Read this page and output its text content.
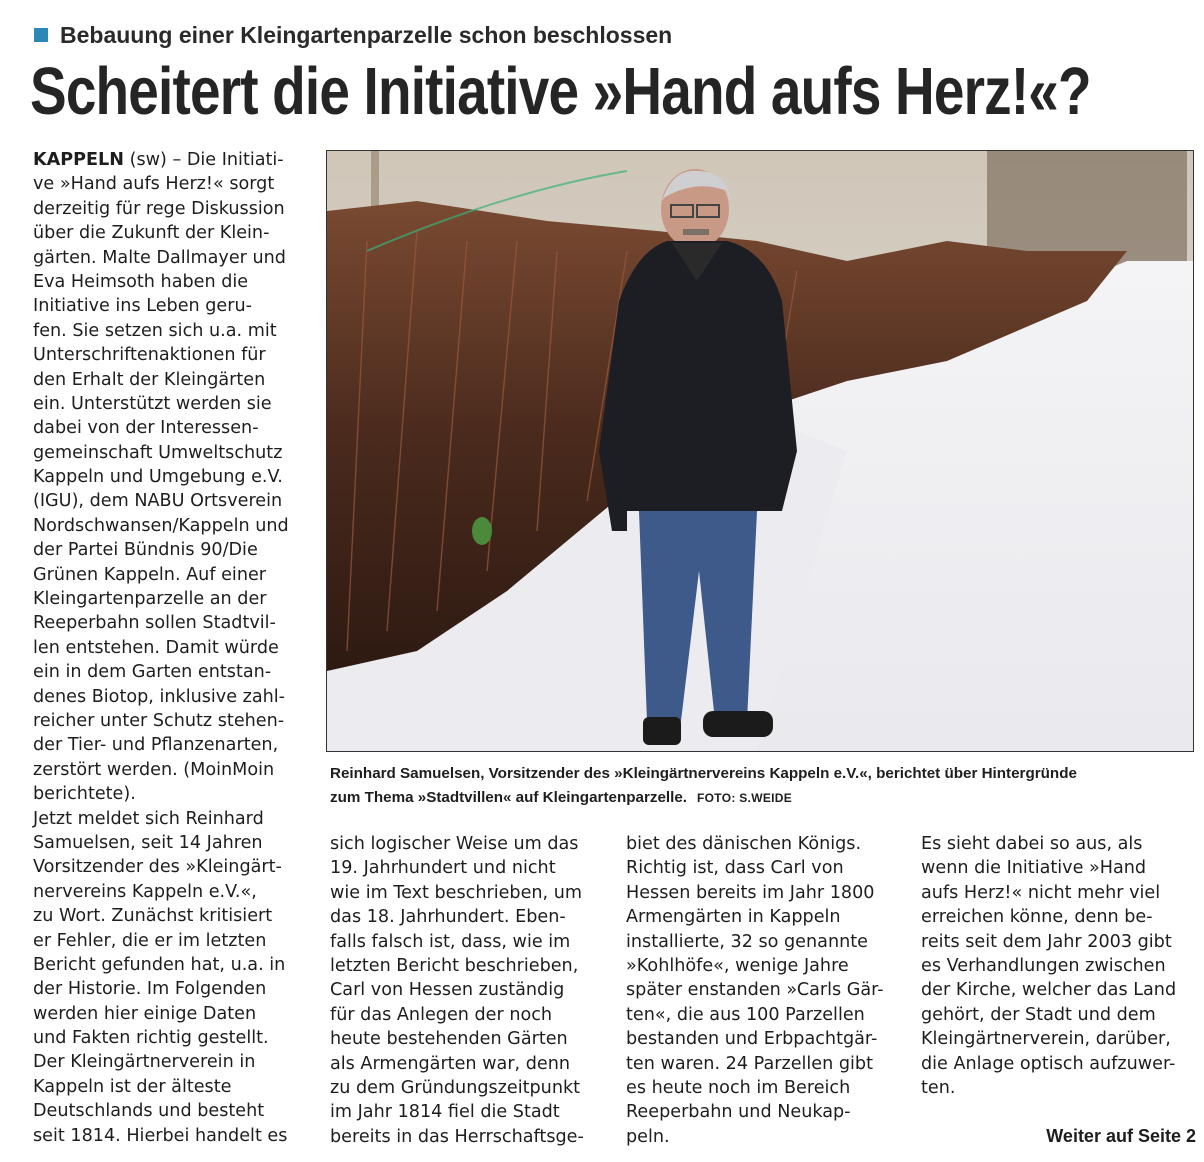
Bebauung einer Kleingartenparzelle schon beschlossen
Scheitert die Initiative »Hand aufs Herz!«?
KAPPELN (sw) – Die Initiati-
ve »Hand aufs Herz!« sorgt
derzeitig für rege Diskussion
über die Zukunft der Klein-
gärten. Malte Dallmayer und
Eva Heimsoth haben die
Initiative ins Leben geru-
fen. Sie setzen sich u.a. mit
Unterschriftenaktionen für
den Erhalt der Kleingärten
ein. Unterstützt werden sie
dabei von der Interessen-
gemeinschaft Umweltschutz
Kappeln und Umgebung e.V.
(IGU), dem NABU Ortsverein
Nordschwansen/Kappeln und
der Partei Bündnis 90/Die
Grünen Kappeln. Auf einer
Kleingartenparzelle an der
Reeperbahn sollen Stadtvil-
len entstehen. Damit würde
ein in dem Garten entstan-
denes Biotop, inklusive zahl-
reicher unter Schutz stehen-
der Tier- und Pflanzenarten,
zerstört werden. (MoinMoin
berichtete).
Jetzt meldet sich Reinhard
Samuelsen, seit 14 Jahren
Vorsitzender des »Kleingärt-
nervereins Kappeln e.V.«,
zu Wort. Zunächst kritisiert
er Fehler, die er im letzten
Bericht gefunden hat, u.a. in
der Historie. Im Folgenden
werden hier einige Daten
und Fakten richtig gestellt.
Der Kleingärtnerverein in
Kappeln ist der älteste
Deutschlands und besteht
seit 1814. Hierbei handelt es
sich logischer Weise um das
19. Jahrhundert und nicht
wie im Text beschrieben, um
das 18. Jahrhundert. Eben-
falls falsch ist, dass, wie im
letzten Bericht beschrieben,
Carl von Hessen zuständig
für das Anlegen der noch
heute bestehenden Gärten
als Armengärten war, denn
zu dem Gründungszeitpunkt
im Jahr 1814 fiel die Stadt
bereits in das Herrschaftsge-
biet des dänischen Königs.
Richtig ist, dass Carl von
Hessen bereits im Jahr 1800
Armengärten in Kappeln
installierte, 32 so genannte
»Kohlhöfe«, wenige Jahre
später enstanden »Carls Gär-
ten«, die aus 100 Parzellen
bestanden und Erbpachtgär-
ten waren. 24 Parzellen gibt
es heute noch im Bereich
Reeperbahn und Neukap-
peln.
Es sieht dabei so aus, als
wenn die Initiative »Hand
aufs Herz!« nicht mehr viel
erreichen könne, denn be-
reits seit dem Jahr 2003 gibt
es Verhandlungen zwischen
der Kirche, welcher das Land
gehört, der Stadt und dem
Kleingärtnerverein, darüber,
die Anlage optisch aufzuwer-
ten.
Reinhard Samuelsen, Vorsitzender des »Kleingärtnervereins Kappeln e.V.«, berichtet über Hintergründe
zum Thema »Stadtvillen« auf Kleingartenparzelle. FOTO: S.WEIDE
Weiter auf Seite 2
